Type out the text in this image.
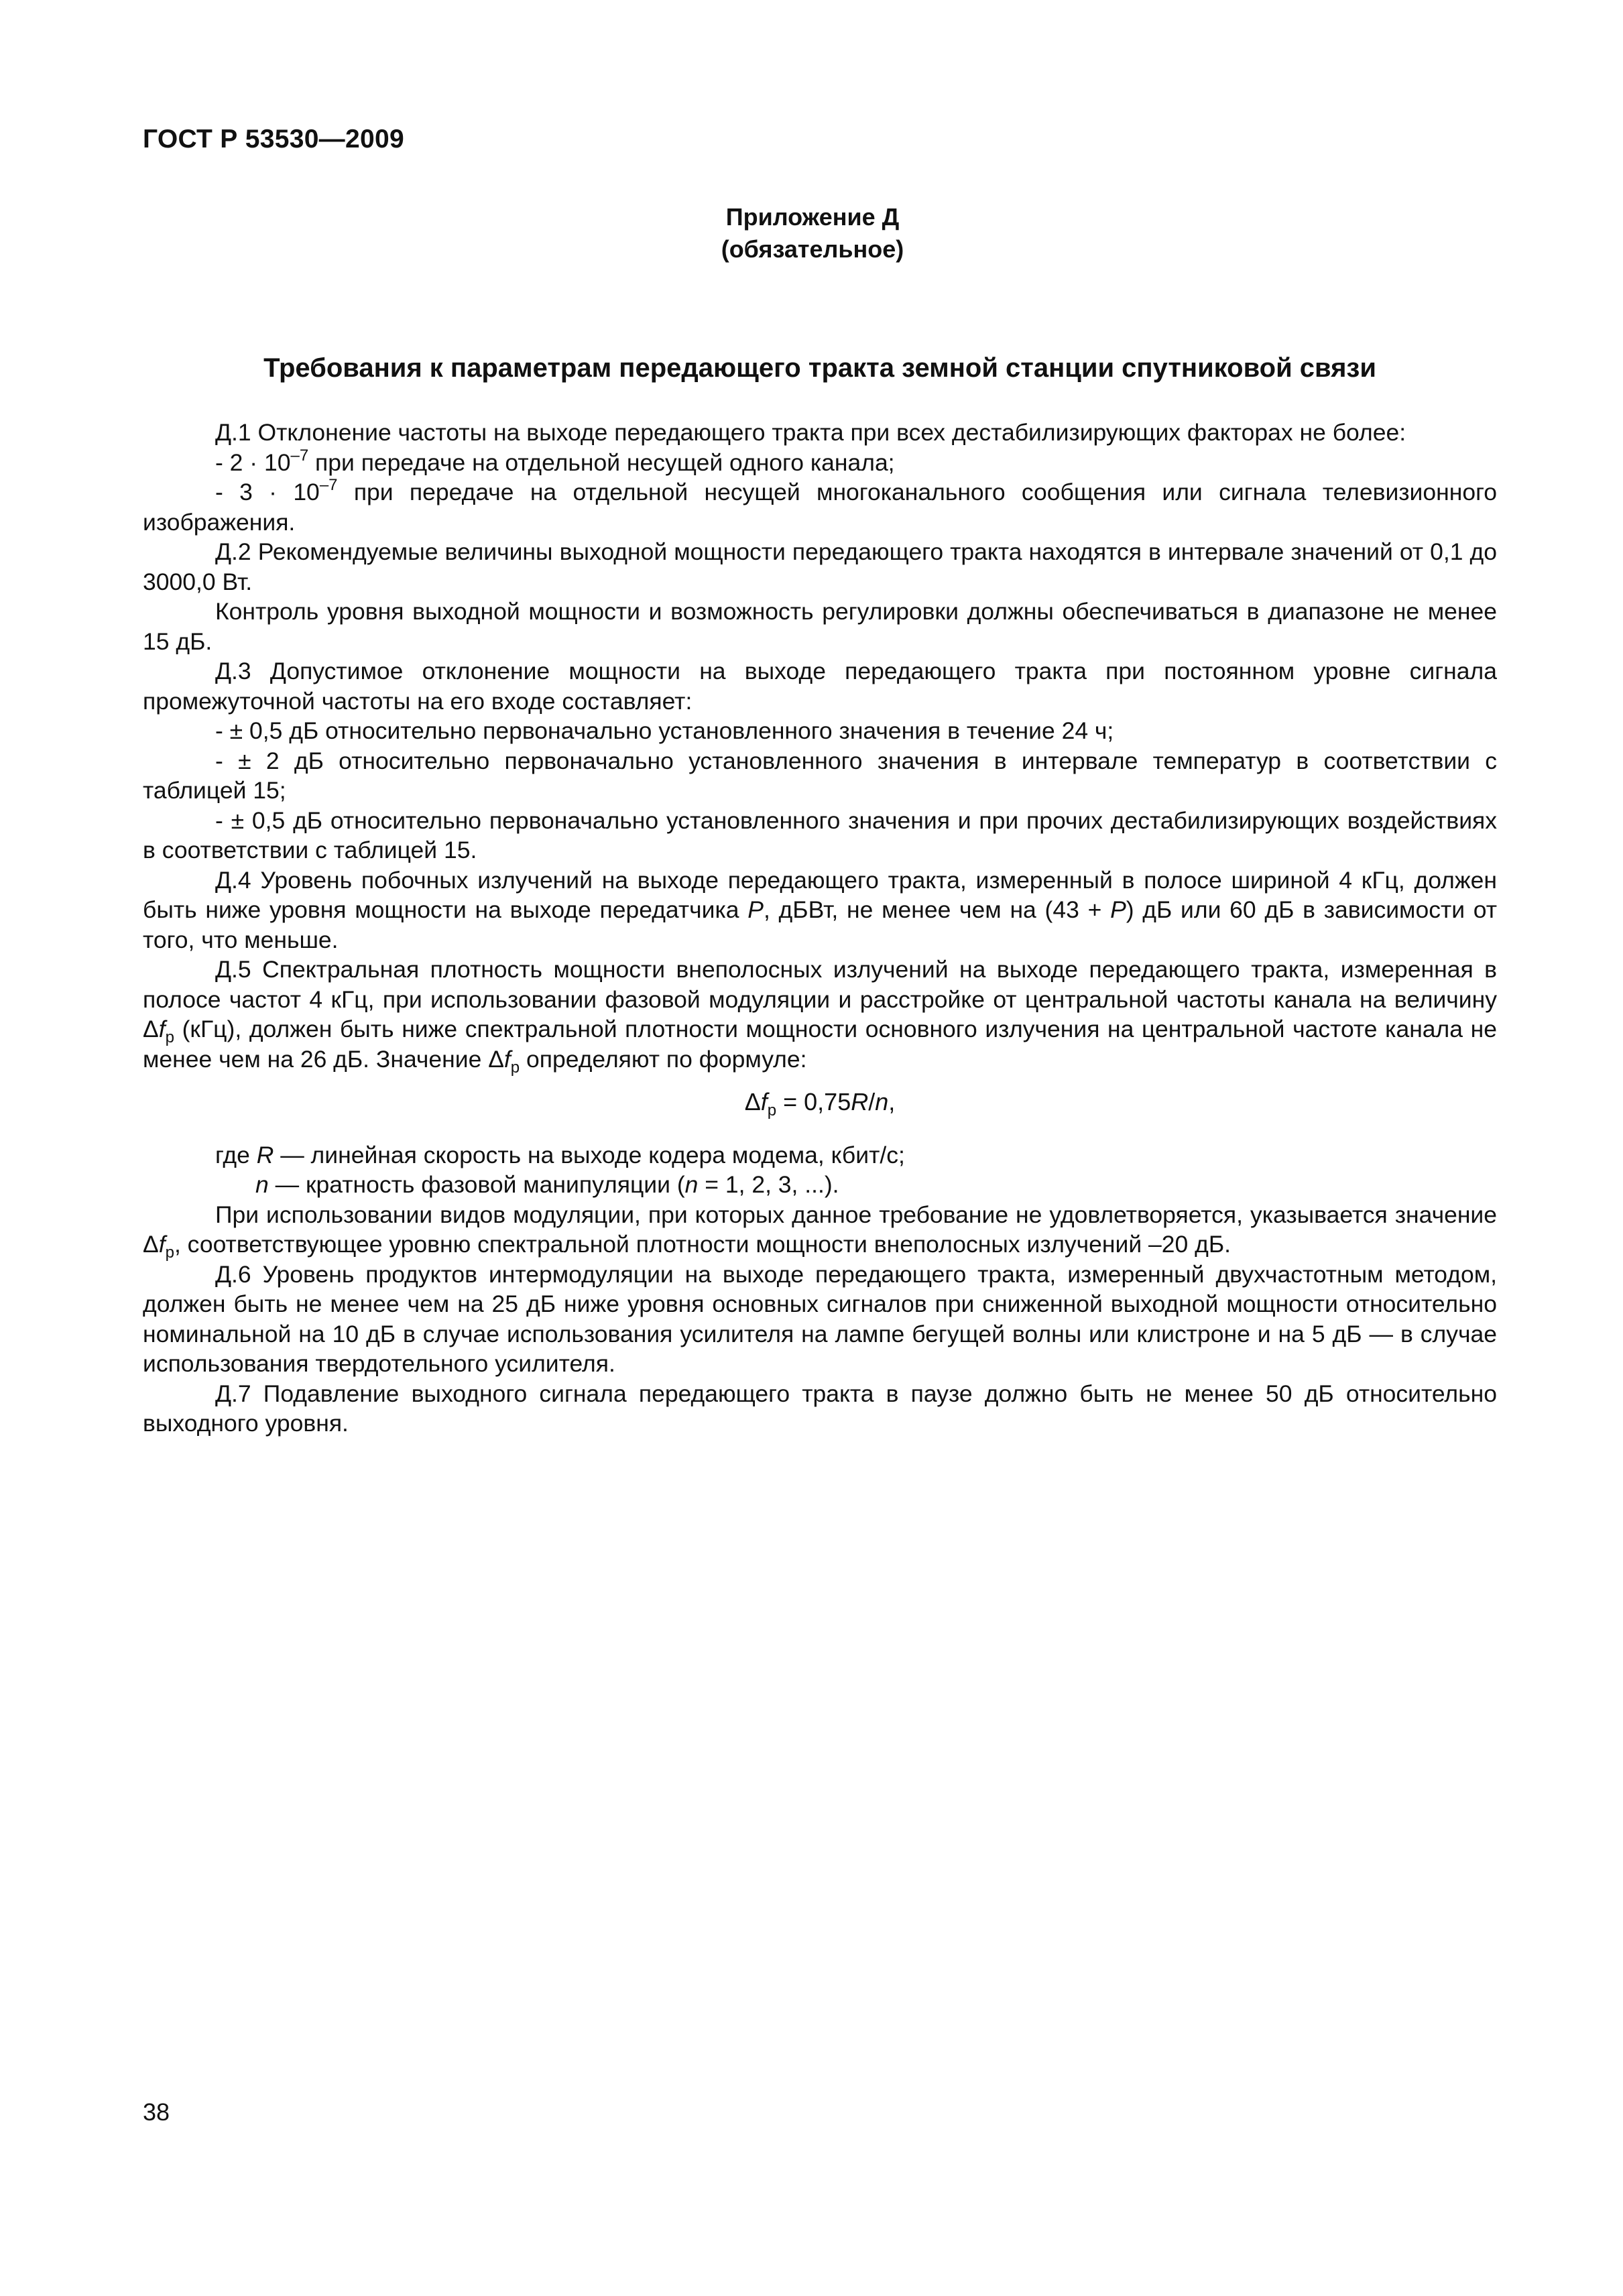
ГОСТ Р 53530—2009
Приложение Д
(обязательное)
Требования к параметрам передающего тракта земной станции спутниковой связи

Д.1 Отклонение частоты на выходе передающего тракта при всех дестабилизирующих факторах не более:

- $2 \cdot 10^{-7}$ при передаче на отдельной несущей одного канала;

- $3 \cdot 10^{-7}$ при передаче на отдельной несущей многоканального сообщения или сигнала телевизионного изображения.

Д.2 Рекомендуемые величины выходной мощности передающего тракта находятся в интервале значений от 0,1 до 3000,0 Вт.

Контроль уровня выходной мощности и возможность регулировки должны обеспечиваться в диапазоне не менее 15 дБ.

Д.3 Допустимое отклонение мощности на выходе передающего тракта при постоянном уровне сигнала промежуточной частоты на его входе составляет:

- ± 0,5 дБ относительно первоначально установленного значения в течение 24 ч;

- ± 2 дБ относительно первоначально установленного значения в интервале температур в соответствии с таблицей 15;

- ± 0,5 дБ относительно первоначально установленного значения и при прочих дестабилизирующих воздействиях в соответствии с таблицей 15.

Д.4 Уровень побочных излучений на выходе передающего тракта, измеренный в полосе шириной 4 кГц, должен быть ниже уровня мощности на выходе передатчика P, дБВт, не менее чем на (43 + P) дБ или 60 дБ в зависимости от того, что меньше.

Д.5 Спектральная плотность мощности внеполосных излучений на выходе передающего тракта, измеренная в полосе частот 4 кГц, при использовании фазовой модуляции и расстройке от центральной частоты канала на величину $\Delta f_р$ (кГц), должен быть ниже спектральной плотности мощности основного излучения на центральной частоте канала не менее чем на 26 дБ. Значение $\Delta f_р$ определяют по формуле:

$\Delta f_р = 0,75R/n$,

где R — линейная скорость на выходе кодера модема, кбит/с;

n — кратность фазовой манипуляции (n = 1, 2, 3, ...).

При использовании видов модуляции, при которых данное требование не удовлетворяется, указывается значение $\Delta f_р$, соответствующее уровню спектральной плотности мощности внеполосных излучений –20 дБ.

Д.6 Уровень продуктов интермодуляции на выходе передающего тракта, измеренный двухчастотным методом, должен быть не менее чем на 25 дБ ниже уровня основных сигналов при сниженной выходной мощности относительно номинальной на 10 дБ в случае использования усилителя на лампе бегущей волны или клистроне и на 5 дБ — в случае использования твердотельного усилителя.

Д.7 Подавление выходного сигнала передающего тракта в паузе должно быть не менее 50 дБ относительно выходного уровня.

38
